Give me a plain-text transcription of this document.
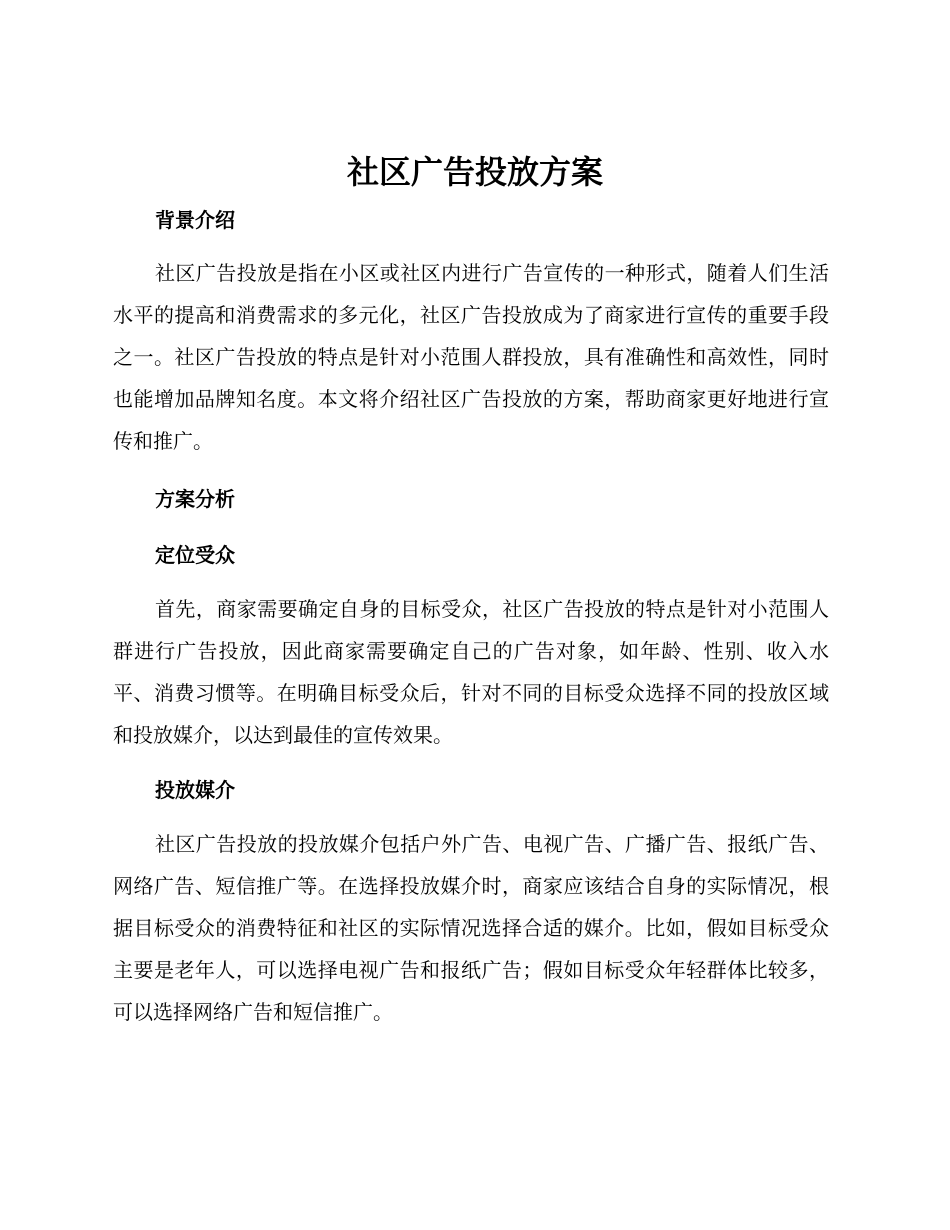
社区广告投放方案
背景介绍

社区广告投放是指在小区或社区内进行广告宣传的一种形式，随着人们生活水平的提高和消费需求的多元化，社区广告投放成为了商家进行宣传的重要手段之一。社区广告投放的特点是针对小范围人群投放，具有准确性和高效性，同时也能增加品牌知名度。本文将介绍社区广告投放的方案，帮助商家更好地进行宣传和推广。

方案分析
定位受众

首先，商家需要确定自身的目标受众，社区广告投放的特点是针对小范围人群进行广告投放，因此商家需要确定自己的广告对象，如年龄、性别、收入水平、消费习惯等。在明确目标受众后，针对不同的目标受众选择不同的投放区域和投放媒介，以达到最佳的宣传效果。

投放媒介

社区广告投放的投放媒介包括户外广告、电视广告、广播广告、报纸广告、网络广告、短信推广等。在选择投放媒介时，商家应该结合自身的实际情况，根据目标受众的消费特征和社区的实际情况选择合适的媒介。比如，假如目标受众主要是老年人，可以选择电视广告和报纸广告；假如目标受众年轻群体比较多，可以选择网络广告和短信推广。
